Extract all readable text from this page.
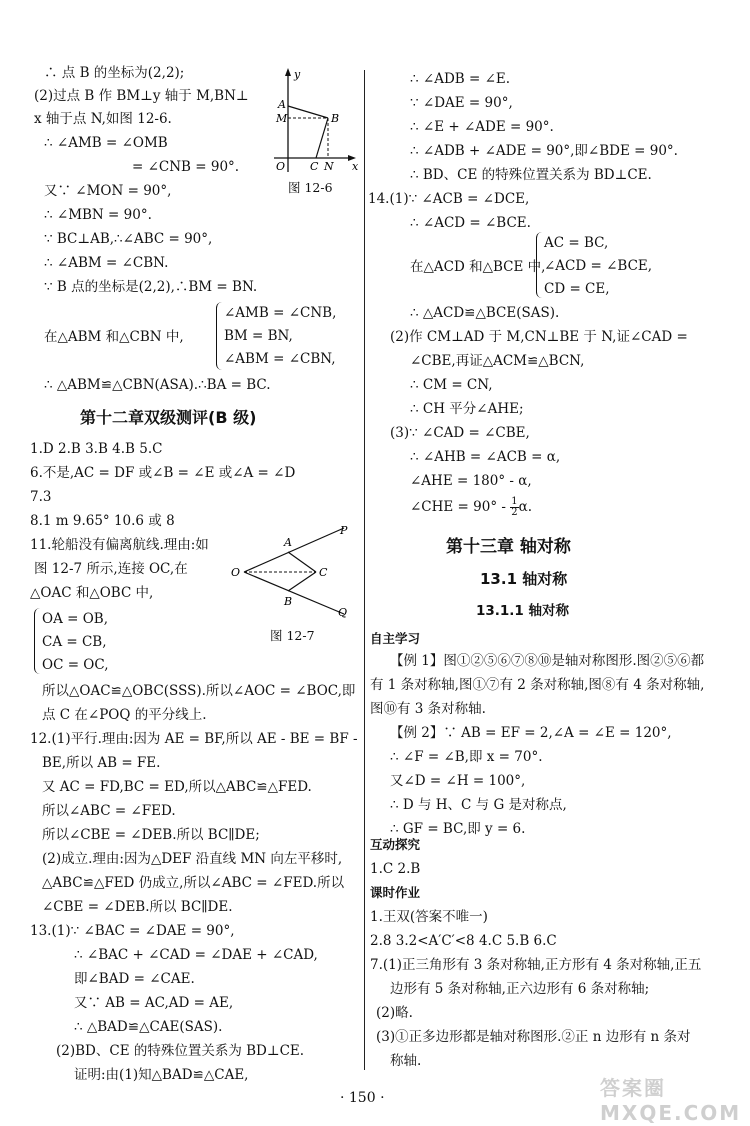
∴ 点 B 的坐标为(2,2);
(2)过点 B 作 BM⊥y 轴于 M,BN⊥
x 轴于点 N,如图 12-6.
∴ ∠AMB = ∠OMB
= ∠CNB = 90°.
又∵ ∠MON = 90°,
∴ ∠MBN = 90°.
∵ BC⊥AB,∴∠ABC = 90°,
∴ ∠ABM = ∠CBN.
∵ B 点的坐标是(2,2),∴BM = BN.
在△ABM 和△CBN 中,
∠AMB = ∠CNB,
BM = BN,
∠ABM = ∠CBN,
∴ △ABM≌△CBN(ASA).∴BA = BC.
第十二章双级测评(B 级)
1.D 2.B 3.B 4.B 5.C
6.不是,AC = DF 或∠B = ∠E 或∠A = ∠D
7.3
8.1 m 9.65° 10.6 或 8
11.轮船没有偏离航线.理由:如
图 12-7 所示,连接 OC,在
△OAC 和△OBC 中,
OA = OB,
CA = CB,
OC = OC,
所以△OAC≌△OBC(SSS).所以∠AOC = ∠BOC,即
点 C 在∠POQ 的平分线上.
12.(1)平行.理由:因为 AE = BF,所以 AE - BE = BF -
BE,所以 AB = FE.
又 AC = FD,BC = ED,所以△ABC≌△FED.
所以∠ABC = ∠FED.
所以∠CBE = ∠DEB.所以 BC∥DE;
(2)成立.理由:因为△DEF 沿直线 MN 向左平移时,
△ABC≌△FED 仍成立,所以∠ABC = ∠FED.所以
∠CBE = ∠DEB.所以 BC∥DE.
13.(1)∵ ∠BAC = ∠DAE = 90°,
∴ ∠BAC + ∠CAD = ∠DAE + ∠CAD,
即∠BAD = ∠CAE.
又∵ AB = AC,AD = AE,
∴ △BAD≌△CAE(SAS).
(2)BD、CE 的特殊位置关系为 BD⊥CE.
证明:由(1)知△BAD≌△CAE,
y
x
A
M	B
O C N
图 12-6
P
A
O	C
B
Q
图 12-7
∴ ∠ADB = ∠E.
∵ ∠DAE = 90°,
∴ ∠E + ∠ADE = 90°.
∴ ∠ADB + ∠ADE = 90°,即∠BDE = 90°.
∴ BD、CE 的特殊位置关系为 BD⊥CE.
14.(1)∵ ∠ACB = ∠DCE,
∴ ∠ACD = ∠BCE.
在△ACD 和△BCE 中,
AC = BC,
∠ACD = ∠BCE,
CD = CE,
∴ △ACD≌△BCE(SAS).
(2)作 CM⊥AD 于 M,CN⊥BE 于 N,证∠CAD =
∠CBE,再证△ACM≌△BCN,
∴ CM = CN,
∴ CH 平分∠AHE;
(3)∵ ∠CAD = ∠CBE,
∴ ∠AHB = ∠ACB = α,
∠AHE = 180° - α,
∠CHE = $90^\circ - \frac{1}{2} \alpha$.
第十三章 轴对称
13.1 轴对称
13.1.1 轴对称
自主学习
【例 1】图①②⑤⑥⑦⑧⑩是轴对称图形.图②⑤⑥都
有 1 条对称轴,图①⑦有 2 条对称轴,图⑧有 4 条对称轴,
图⑩有 3 条对称轴.
【例 2】∵ AB = EF = 2,∠A = ∠E = 120°,
∴ ∠F = ∠B,即 x = 70°.
又∠D = ∠H = 100°,
∴ D 与 H、C 与 G 是对称点,
∴ GF = BC,即 y = 6.
互动探究
1.C 2.B
课时作业
1.王双(答案不唯一)
2.8 3.2<A′C′<8 4.C 5.B 6.C
7.(1)正三角形有 3 条对称轴,正方形有 4 条对称轴,正五
边形有 5 条对称轴,正六边形有 6 条对称轴;
(2)略.
(3)①正多边形都是轴对称图形.②正 n 边形有 n 条对
称轴.
· 150 ·	答案圈 MXQE.COM
